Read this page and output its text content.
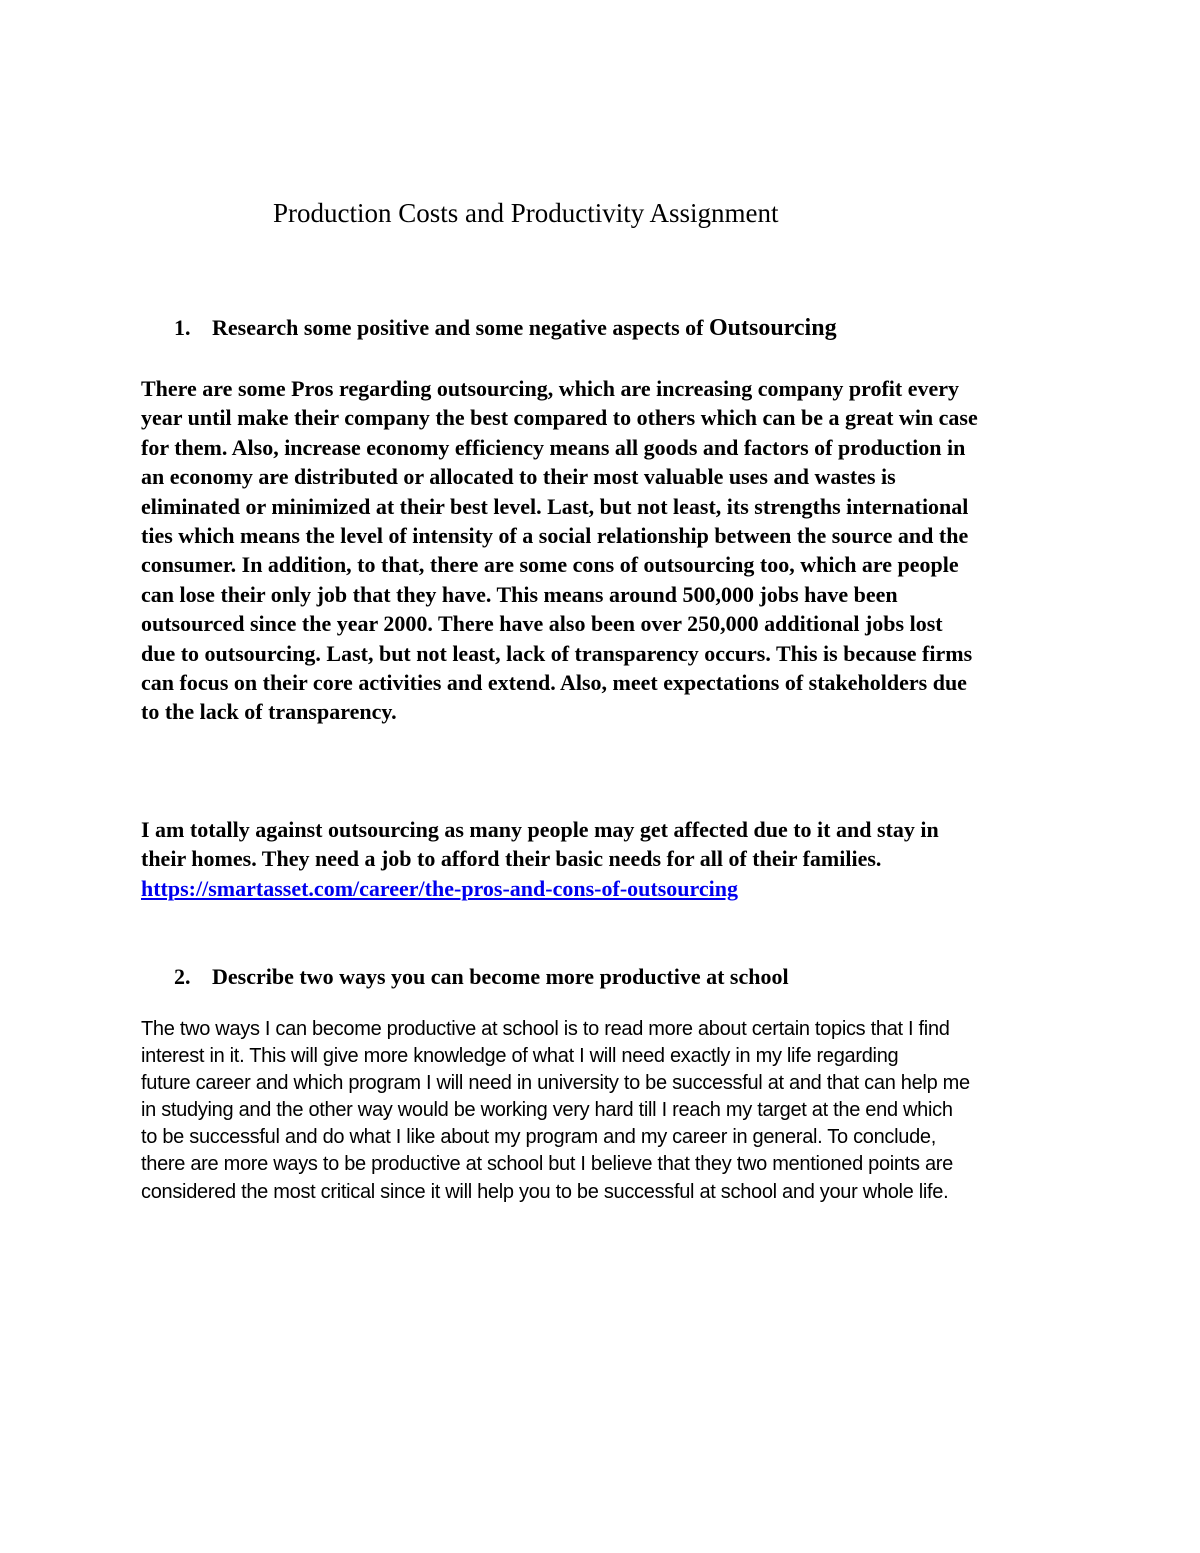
Production Costs and Productivity Assignment
1. Research some positive and some negative aspects of Outsourcing
There are some Pros regarding outsourcing, which are increasing company profit every
year until make their company the best compared to others which can be a great win case
for them. Also, increase economy efficiency means all goods and factors of production in
an economy are distributed or allocated to their most valuable uses and wastes is
eliminated or minimized at their best level. Last, but not least, its strengths international
ties which means the level of intensity of a social relationship between the source and the
consumer. In addition, to that, there are some cons of outsourcing too, which are people
can lose their only job that they have. This means around 500,000 jobs have been
outsourced since the year 2000. There have also been over 250,000 additional jobs lost
due to outsourcing. Last, but not least, lack of transparency occurs. This is because firms
can focus on their core activities and extend. Also, meet expectations of stakeholders due
to the lack of transparency.
I am totally against outsourcing as many people may get affected due to it and stay in
their homes. They need a job to afford their basic needs for all of their families.
https://smartasset.com/career/the-pros-and-cons-of-outsourcing
2. Describe two ways you can become more productive at school
The two ways I can become productive at school is to read more about certain topics that I find
interest in it. This will give more knowledge of what I will need exactly in my life regarding
future career and which program I will need in university to be successful at and that can help me
in studying and the other way would be working very hard till I reach my target at the end which
to be successful and do what I like about my program and my career in general. To conclude,
there are more ways to be productive at school but I believe that they two mentioned points are
considered the most critical since it will help you to be successful at school and your whole life.
